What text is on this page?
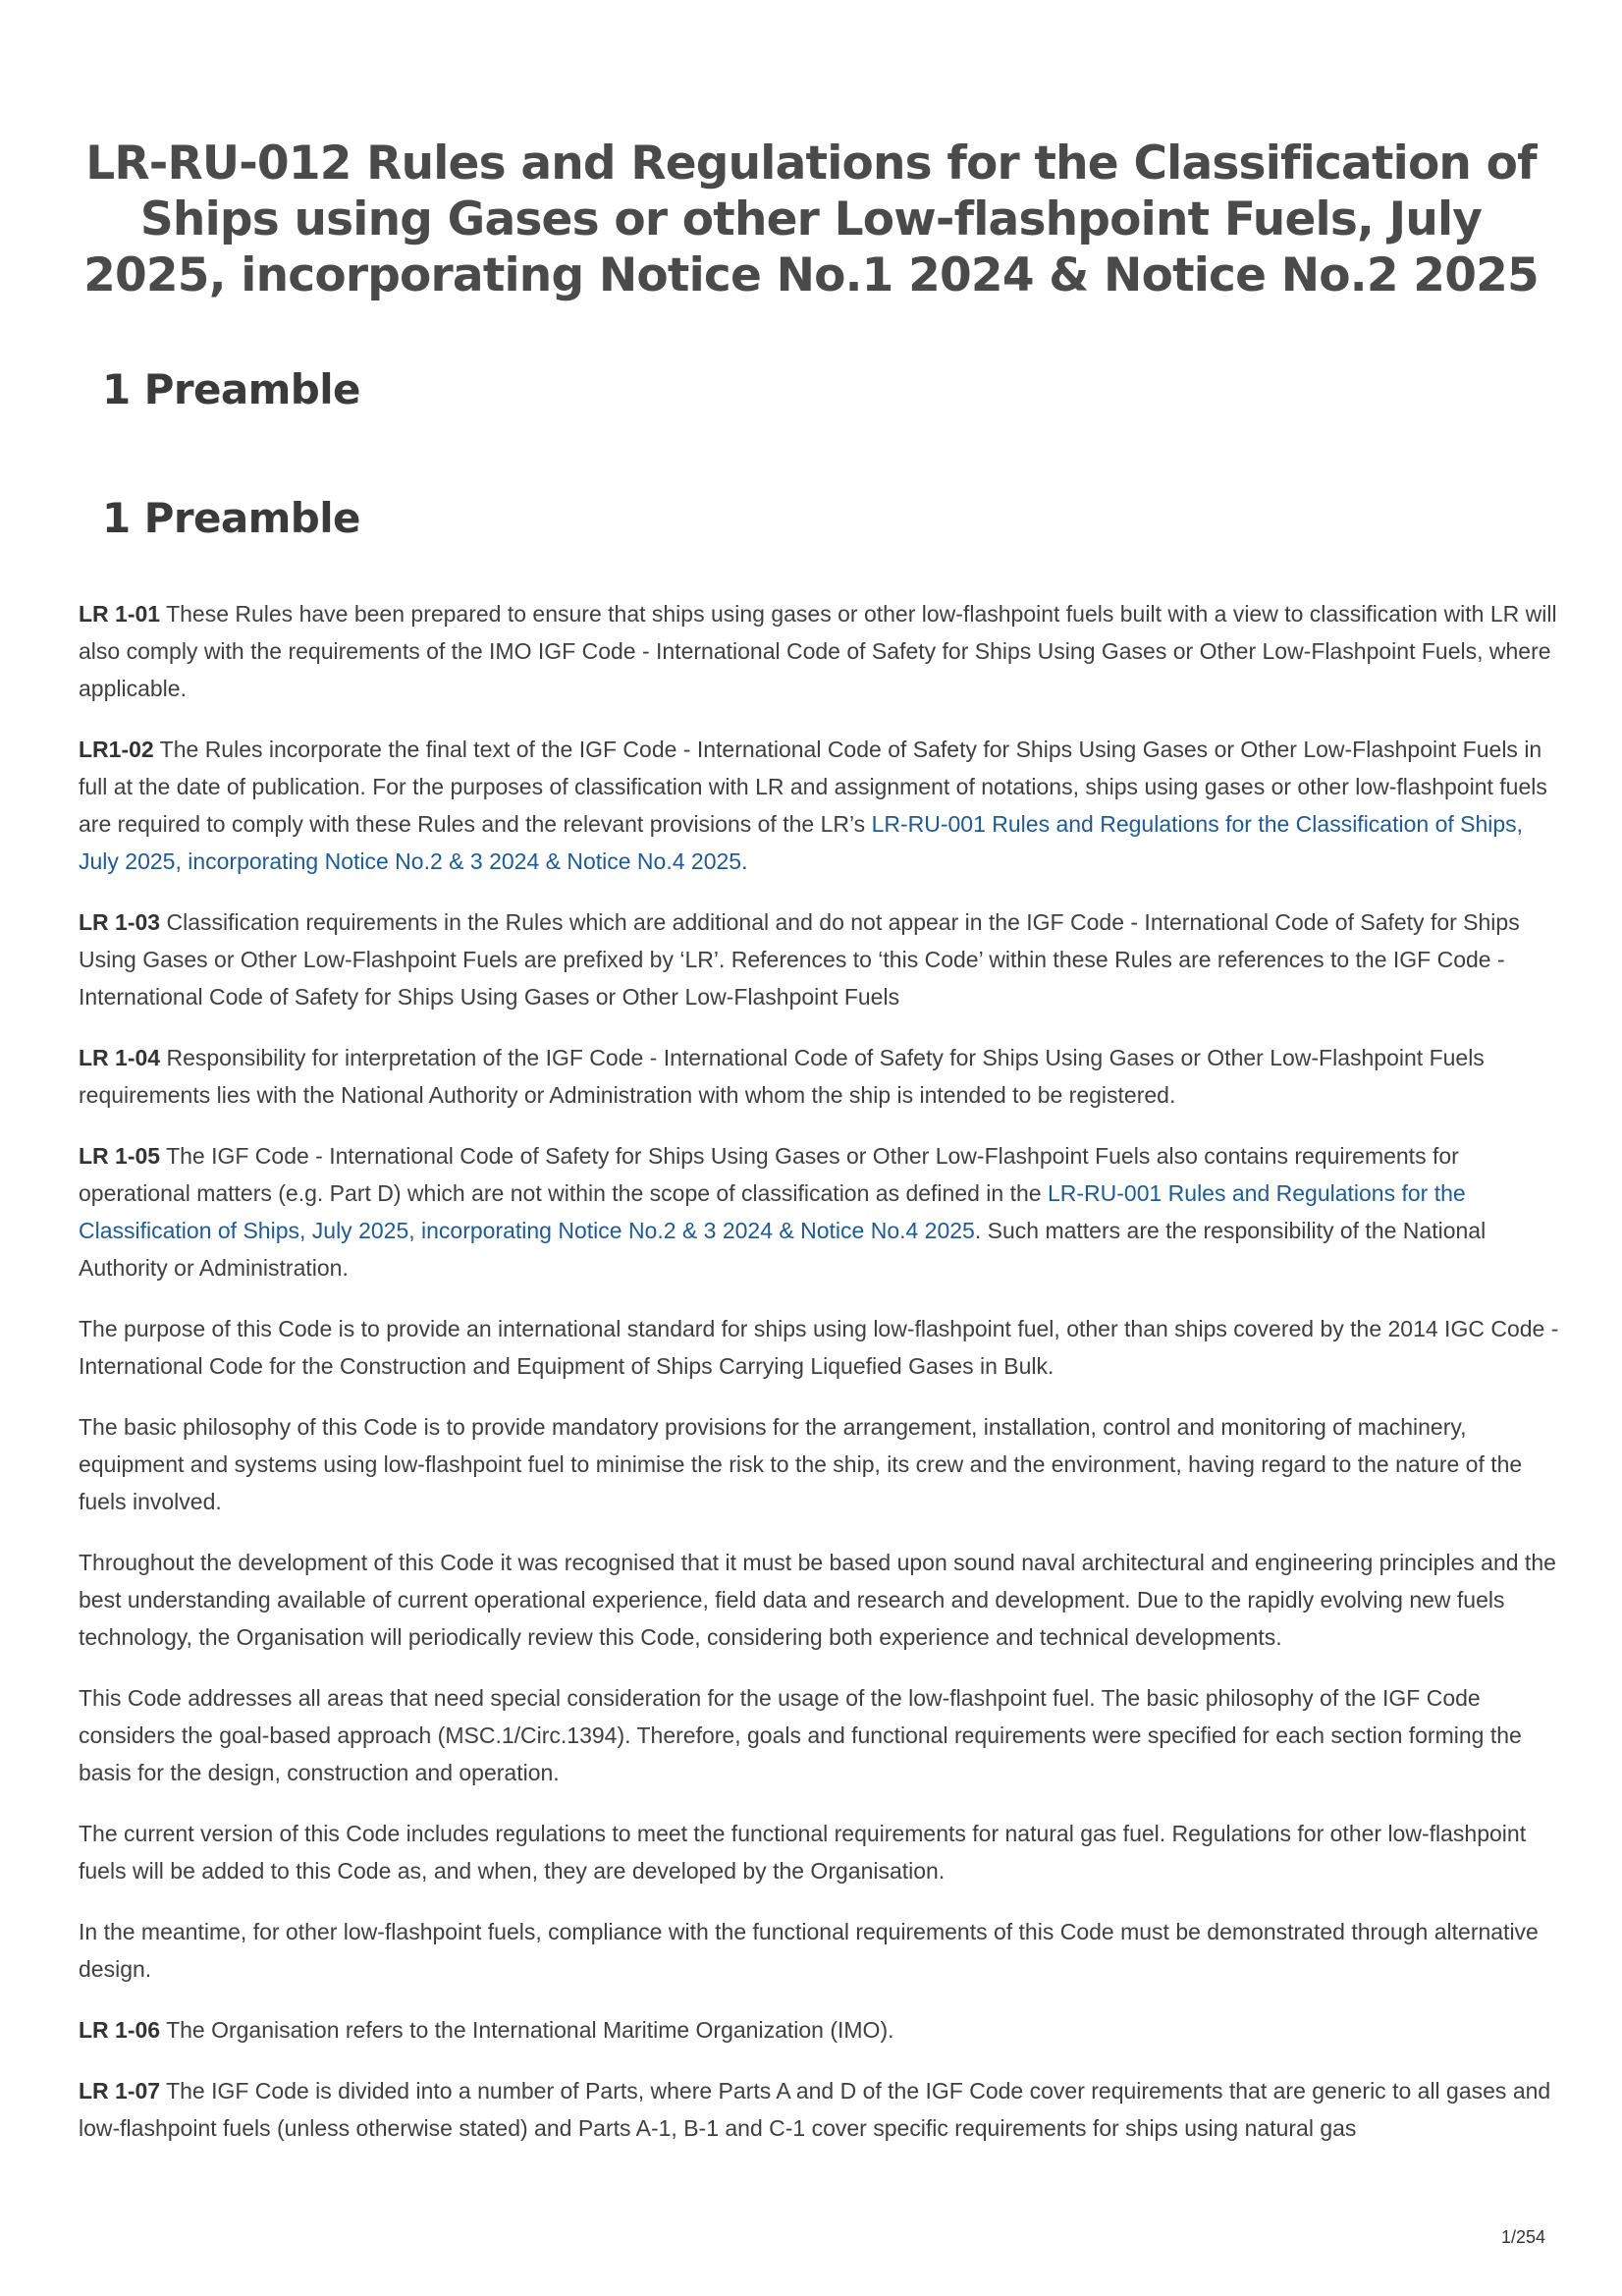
LR-RU-012 Rules and Regulations for the Classification of Ships using Gases or other Low-flashpoint Fuels, July 2025, incorporating Notice No.1 2024 & Notice No.2 2025
1 Preamble
1 Preamble

LR 1-01 These Rules have been prepared to ensure that ships using gases or other low-flashpoint fuels built with a view to classification with LR will also comply with the requirements of the IMO IGF Code - International Code of Safety for Ships Using Gases or Other Low-Flashpoint Fuels, where applicable.

LR1-02 The Rules incorporate the final text of the IGF Code - International Code of Safety for Ships Using Gases or Other Low-Flashpoint Fuels in full at the date of publication. For the purposes of classification with LR and assignment of notations, ships using gases or other low-flashpoint fuels are required to comply with these Rules and the relevant provisions of the LR’s LR-RU-001 Rules and Regulations for the Classification of Ships, July 2025, incorporating Notice No.2 & 3 2024 & Notice No.4 2025.

LR 1-03 Classification requirements in the Rules which are additional and do not appear in the IGF Code - International Code of Safety for Ships Using Gases or Other Low-Flashpoint Fuels are prefixed by ‘LR’. References to ‘this Code’ within these Rules are references to the IGF Code - International Code of Safety for Ships Using Gases or Other Low-Flashpoint Fuels

LR 1-04 Responsibility for interpretation of the IGF Code - International Code of Safety for Ships Using Gases or Other Low-Flashpoint Fuels requirements lies with the National Authority or Administration with whom the ship is intended to be registered.

LR 1-05 The IGF Code - International Code of Safety for Ships Using Gases or Other Low-Flashpoint Fuels also contains requirements for operational matters (e.g. Part D) which are not within the scope of classification as defined in the LR-RU-001 Rules and Regulations for the Classification of Ships, July 2025, incorporating Notice No.2 & 3 2024 & Notice No.4 2025. Such matters are the responsibility of the National Authority or Administration.

The purpose of this Code is to provide an international standard for ships using low-flashpoint fuel, other than ships covered by the 2014 IGC Code - International Code for the Construction and Equipment of Ships Carrying Liquefied Gases in Bulk.

The basic philosophy of this Code is to provide mandatory provisions for the arrangement, installation, control and monitoring of machinery, equipment and systems using low-flashpoint fuel to minimise the risk to the ship, its crew and the environment, having regard to the nature of the fuels involved.

Throughout the development of this Code it was recognised that it must be based upon sound naval architectural and engineering principles and the best understanding available of current operational experience, field data and research and development. Due to the rapidly evolving new fuels technology, the Organisation will periodically review this Code, considering both experience and technical developments.

This Code addresses all areas that need special consideration for the usage of the low-flashpoint fuel. The basic philosophy of the IGF Code considers the goal-based approach (MSC.1/Circ.1394). Therefore, goals and functional requirements were specified for each section forming the basis for the design, construction and operation.

The current version of this Code includes regulations to meet the functional requirements for natural gas fuel. Regulations for other low-flashpoint fuels will be added to this Code as, and when, they are developed by the Organisation.

In the meantime, for other low-flashpoint fuels, compliance with the functional requirements of this Code must be demonstrated through alternative design.

LR 1-06 The Organisation refers to the International Maritime Organization (IMO).

LR 1-07 The IGF Code is divided into a number of Parts, where Parts A and D of the IGF Code cover requirements that are generic to all gases and low-flashpoint fuels (unless otherwise stated) and Parts A-1, B-1 and C-1 cover specific requirements for ships using natural gas

1/254
